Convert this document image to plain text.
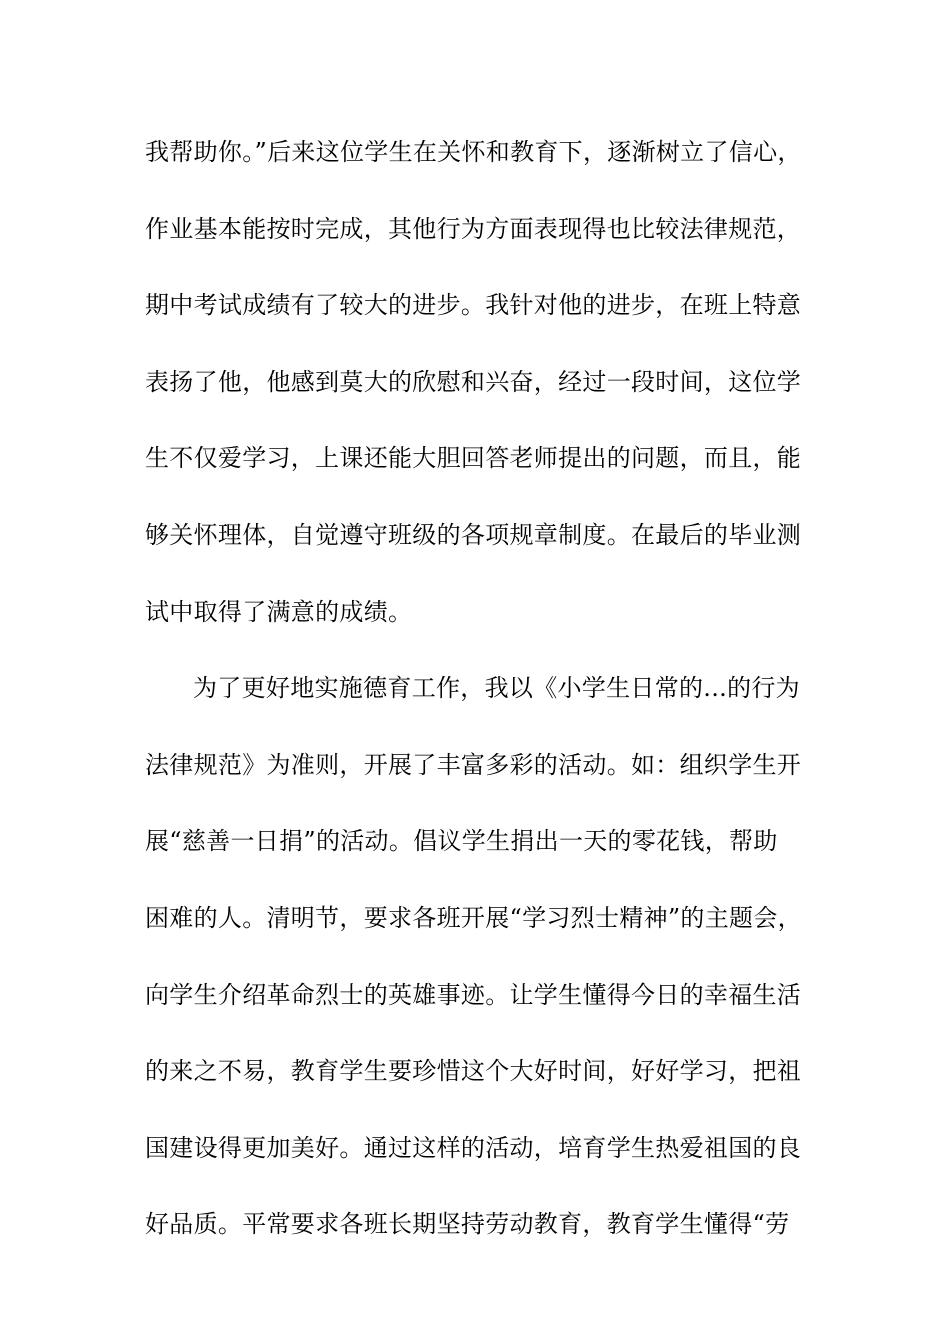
我帮助你。”后来这位学生在关怀和教育下，逐渐树立了信心，
作业基本能按时完成，其他行为方面表现得也比较法律规范，
期中考试成绩有了较大的进步。我针对他的进步，在班上特意
表扬了他，他感到莫大的欣慰和兴奋，经过一段时间，这位学
生不仅爱学习，上课还能大胆回答老师提出的问题，而且，能
够关怀理体，自觉遵守班级的各项规章制度。在最后的毕业测
试中取得了满意的成绩。
为了更好地实施德育工作，我以《小学生日常的...的行为
法律规范》为准则，开展了丰富多彩的活动。如：组织学生开
展“慈善一日捐”的活动。倡议学生捐出一天的零花钱，帮助
困难的人。清明节，要求各班开展“学习烈士精神”的主题会，
向学生介绍革命烈士的英雄事迹。让学生懂得今日的幸福生活
的来之不易，教育学生要珍惜这个大好时间，好好学习，把祖
国建设得更加美好。通过这样的活动，培育学生热爱祖国的良
好品质。平常要求各班长期坚持劳动教育，教育学生懂得“劳
